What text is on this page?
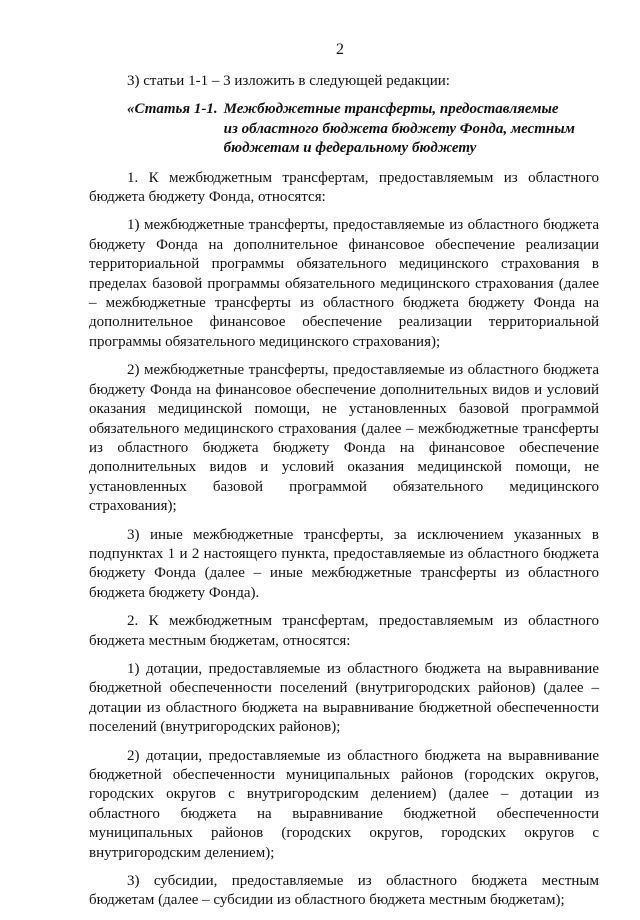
2

3) статьи 1-1 – 3 изложить в следующей редакции:

«Статья 1-1. Межбюджетные трансферты, предоставляемые
из областного бюджета бюджету Фонда, местным
бюджетам и федеральному бюджету

1. К межбюджетным трансфертам, предоставляемым из областного бюджета бюджету Фонда, относятся:

1) межбюджетные трансферты, предоставляемые из областного бюджета бюджету Фонда на дополнительное финансовое обеспечение реализации территориальной программы обязательного медицинского страхования в пределах базовой программы обязательного медицинского страхования (далее – межбюджетные трансферты из областного бюджета бюджету Фонда на дополнительное финансовое обеспечение реализации территориальной программы обязательного медицинского страхования);

2) межбюджетные трансферты, предоставляемые из областного бюджета бюджету Фонда на финансовое обеспечение дополнительных видов и условий оказания медицинской помощи, не установленных базовой программой обязательного медицинского страхования (далее – межбюджетные трансферты из областного бюджета бюджету Фонда на финансовое обеспечение дополнительных видов и условий оказания медицинской помощи, не установленных базовой программой обязательного медицинского страхования);

3) иные межбюджетные трансферты, за исключением указанных в подпунктах 1 и 2 настоящего пункта, предоставляемые из областного бюджета бюджету Фонда (далее – иные межбюджетные трансферты из областного бюджета бюджету Фонда).

2. К межбюджетным трансфертам, предоставляемым из областного бюджета местным бюджетам, относятся:

1) дотации, предоставляемые из областного бюджета на выравнивание бюджетной обеспеченности поселений (внутригородских районов) (далее – дотации из областного бюджета на выравнивание бюджетной обеспеченности поселений (внутригородских районов);

2) дотации, предоставляемые из областного бюджета на выравнивание бюджетной обеспеченности муниципальных районов (городских округов, городских округов с внутригородским делением) (далее – дотации из областного бюджета на выравнивание бюджетной обеспеченности муниципальных районов (городских округов, городских округов с внутригородским делением);

3) субсидии, предоставляемые из областного бюджета местным бюджетам (далее – субсидии из областного бюджета местным бюджетам);
